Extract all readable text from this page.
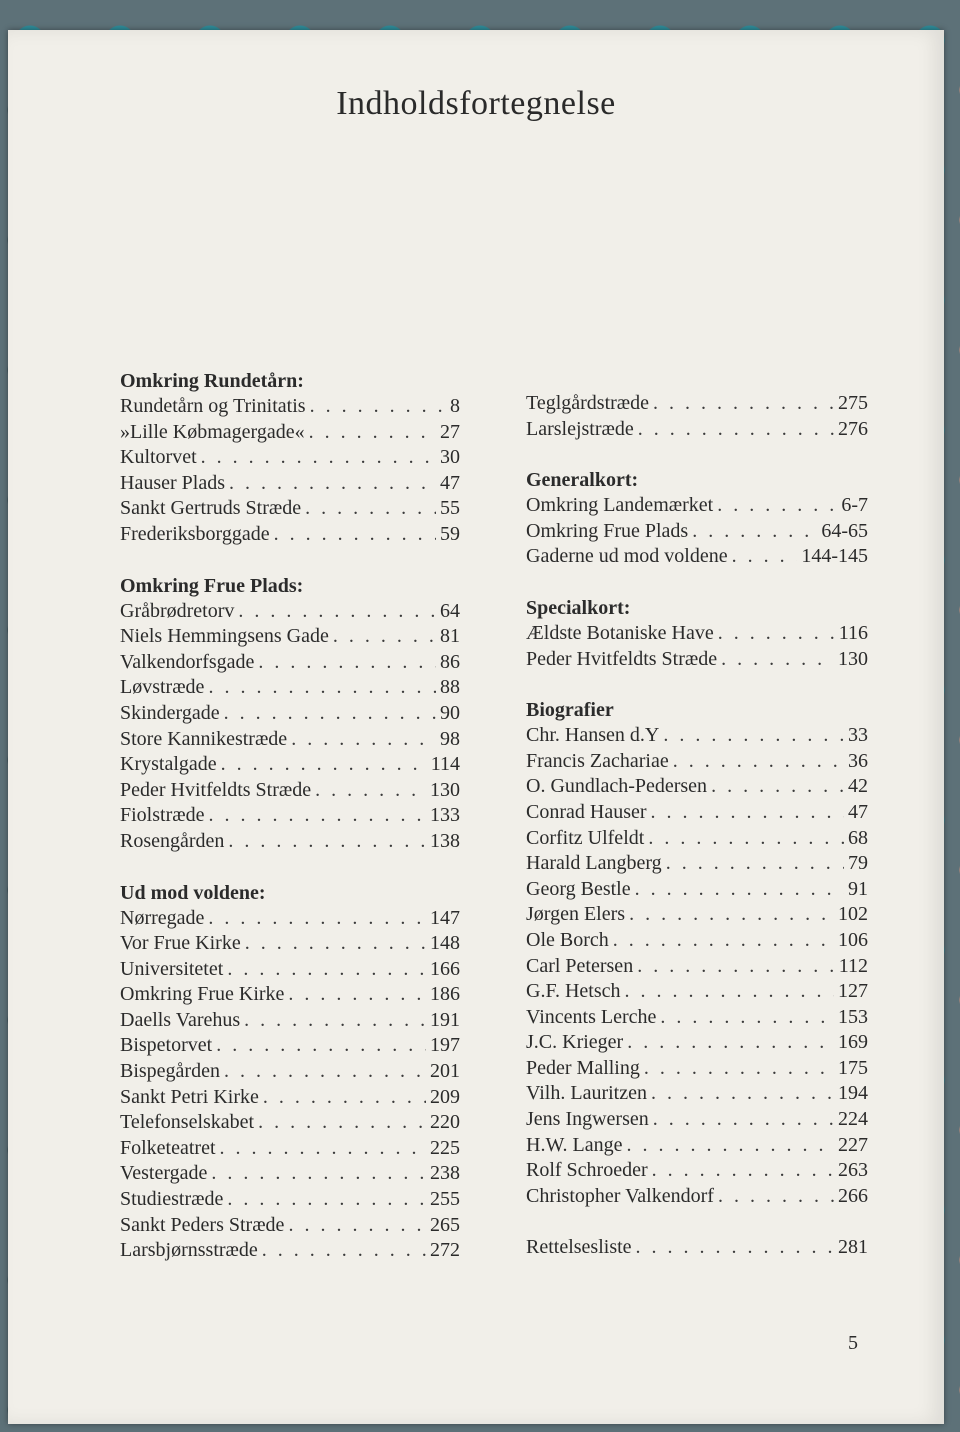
Indholdsfortegnelse
Omkring Rundetårn:
Rundetårn og Trinitatis . . .	8
»Lille Købmagergade« . . .	27
Kultorvet . . .	30
Hauser Plads . . .	47
Sankt Gertruds Stræde . . .	55
Frederiksborggade . . .	59
Omkring Frue Plads:
Gråbrødretorv . . .	64
Niels Hemmingsens Gade . . .	81
Valkendorfsgade . . .	86
Løvstræde . . .	88
Skindergade . . .	90
Store Kannikestræde . . .	98
Krystalgade . . .	114
Peder Hvitfeldts Stræde . . .	130
Fiolstræde . . .	133
Rosengården . . .	138
Ud mod voldene:
Nørregade . . .	147
Vor Frue Kirke . . .	148
Universitetet . . .	166
Omkring Frue Kirke . . .	186
Daells Varehus . . .	191
Bispetorvet . . .	197
Bispegården . . .	201
Sankt Petri Kirke . . .	209
Telefonselskabet . . .	220
Folketeatret . . .	225
Vestergade . . .	238
Studiestræde . . .	255
Sankt Peders Stræde . . .	265
Larsbjørnsstræde . . .	272
Teglgårdstræde . . .	275
Larslejstræde . . .	276
Generalkort:
Omkring Landemærket . . .	6-7
Omkring Frue Plads . . .	64-65
Gaderne ud mod voldene . . .	144-145
Specialkort:
Ældste Botaniske Have . . .	116
Peder Hvitfeldts Stræde . . .	130
Biografier
Chr. Hansen d.Y . . .	33
Francis Zachariae . . .	36
O. Gundlach-Pedersen . . .	42
Conrad Hauser . . .	47
Corfitz Ulfeldt . . .	68
Harald Langberg . . .	79
Georg Bestle . . .	91
Jørgen Elers . . .	102
Ole Borch . . .	106
Carl Petersen . . .	112
G.F. Hetsch . . .	127
Vincents Lerche . . .	153
J.C. Krieger . . .	169
Peder Malling . . .	175
Vilh. Lauritzen . . .	194
Jens Ingwersen . . .	224
H.W. Lange . . .	227
Rolf Schroeder . . .	263
Christopher Valkendorf . . .	266
Rettelsesliste . . .	281
5
